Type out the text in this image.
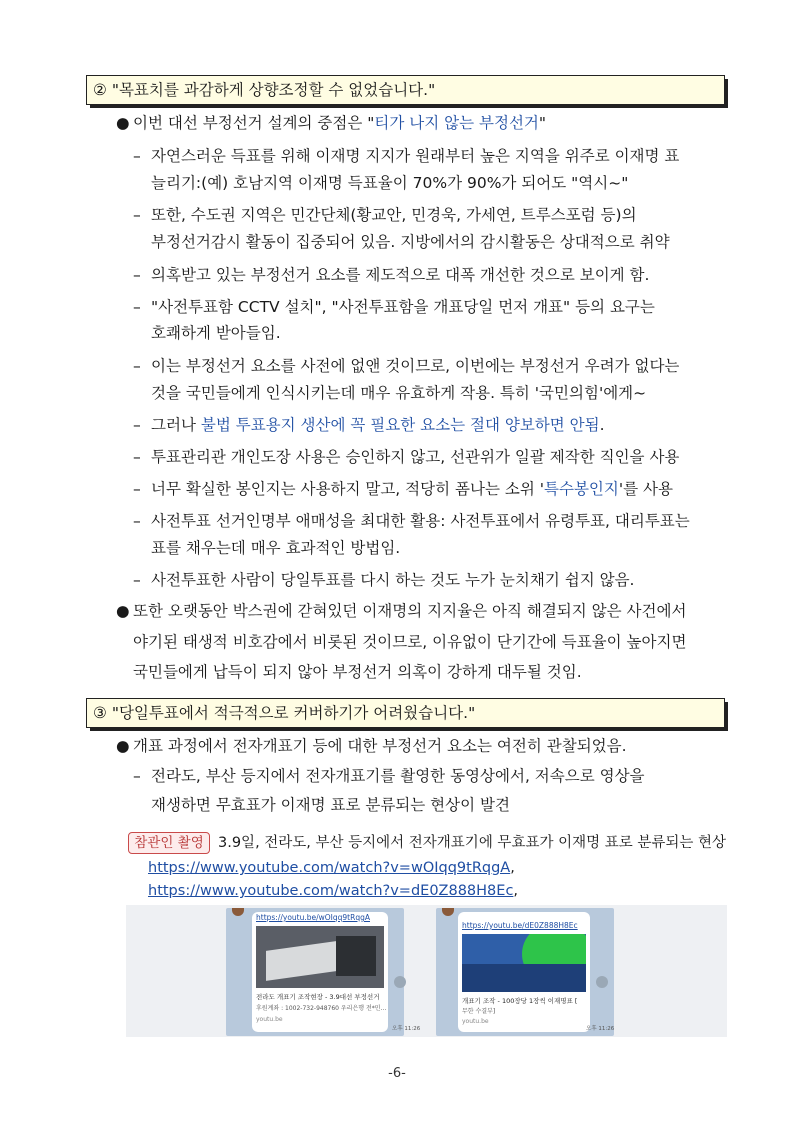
② "목표치를 과감하게 상향조정할 수 없었습니다."
● 이번 대선 부정선거 설계의 중점은 "티가 나지 않는 부정선거"
– 자연스러운 득표를 위해 이재명 지지가 원래부터 높은 지역을 위주로 이재명 표
늘리기:(예) 호남지역 이재명 득표율이 70%가 90%가 되어도 "역시~"
– 또한, 수도권 지역은 민간단체(황교안, 민경욱, 가세연, 트루스포럼 등)의
부정선거감시 활동이 집중되어 있음. 지방에서의 감시활동은 상대적으로 취약
– 의혹받고 있는 부정선거 요소를 제도적으로 대폭 개선한 것으로 보이게 함.
– "사전투표함 CCTV 설치", "사전투표함을 개표당일 먼저 개표" 등의 요구는
호쾌하게 받아들임.
– 이는 부정선거 요소를 사전에 없앤 것이므로, 이번에는 부정선거 우려가 없다는
것을 국민들에게 인식시키는데 매우 유효하게 작용. 특히 '국민의힘'에게~
– 그러나 불법 투표용지 생산에 꼭 필요한 요소는 절대 양보하면 안됨.
– 투표관리관 개인도장 사용은 승인하지 않고, 선관위가 일괄 제작한 직인을 사용
– 너무 확실한 봉인지는 사용하지 말고, 적당히 폼나는 소위 '특수봉인지'를 사용
– 사전투표 선거인명부 애매성을 최대한 활용: 사전투표에서 유령투표, 대리투표는
표를 채우는데 매우 효과적인 방법임.
– 사전투표한 사람이 당일투표를 다시 하는 것도 누가 눈치채기 쉽지 않음.
● 또한 오랫동안 박스권에 갇혀있던 이재명의 지지율은 아직 해결되지 않은 사건에서
야기된 태생적 비호감에서 비롯된 것이므로, 이유없이 단기간에 득표율이 높아지면
국민들에게 납득이 되지 않아 부정선거 의혹이 강하게 대두될 것임.
③ "당일투표에서 적극적으로 커버하기가 어려웠습니다."
● 개표 과정에서 전자개표기 등에 대한 부정선거 요소는 여전히 관찰되었음.
– 전라도, 부산 등지에서 전자개표기를 촬영한 동영상에서, 저속으로 영상을
재생하면 무효표가 이재명 표로 분류되는 현상이 발견
참관인 촬영 3.9일, 전라도, 부산 등지에서 전자개표기에 무효표가 이재명 표로 분류되는 현상
https://www.youtube.com/watch?v=wOIqq9tRqgA,
https://www.youtube.com/watch?v=dE0Z888H8Ec,
https://youtu.be/wOIqq9tRqgA
전라도 개표기 조작현장 - 3.9대선 부정선거
후원계좌 : 1002-732-948760 우리은행 전*민...
youtu.be
오후 11:26
https://youtu.be/dE0Z888H8Ec
개표기 조작 - 100장당 1장씩 이재명표 [
무한 수결부]
youtu.be
오후 11:26
-6-
